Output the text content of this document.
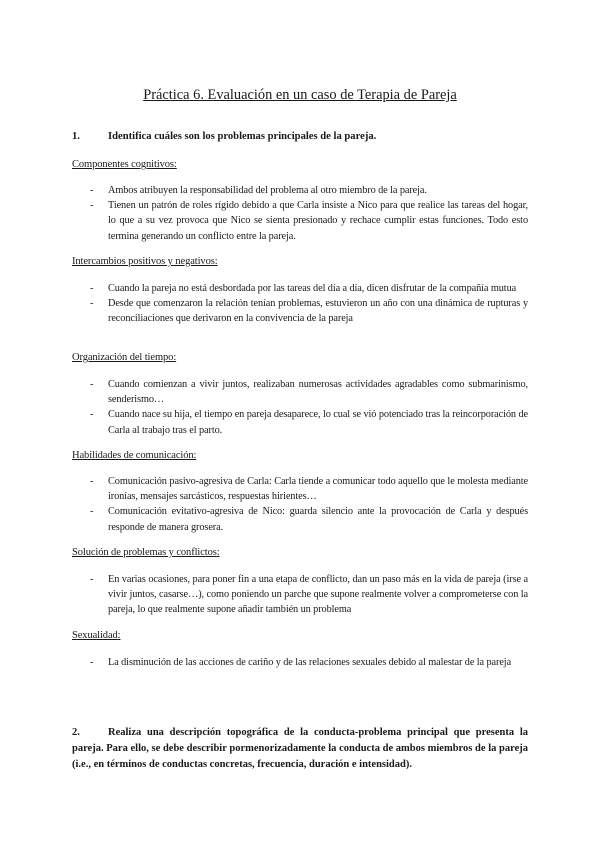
Práctica 6. Evaluación en un caso de Terapia de Pareja
1.	Identifica cuáles son los problemas principales de la pareja.
Componentes cognitivos:
- Ambos atribuyen la responsabilidad del problema al otro miembro de la pareja.
- Tienen un patrón de roles rígido debido a que Carla insiste a Nico para que realice las tareas del hogar, lo que a su vez provoca que Nico se sienta presionado y rechace cumplir estas funciones. Todo esto termina generando un conflicto entre la pareja.
Intercambios positivos y negativos:
- Cuando la pareja no está desbordada por las tareas del día a día, dicen disfrutar de la compañía mutua
- Desde que comenzaron la relación tenían problemas, estuvieron un año con una dinámica de rupturas y reconciliaciones que derivaron en la convivencia de la pareja
Organización del tiempo:
- Cuando comienzan a vivir juntos, realizaban numerosas actividades agradables como submarinismo, senderismo…
- Cuando nace su hija, el tiempo en pareja desaparece, lo cual se vió potenciado tras la reincorporación de Carla al trabajo tras el parto.
Habilidades de comunicación:
- Comunicación pasivo-agresiva de Carla: Carla tiende a comunicar todo aquello que le molesta mediante ironías, mensajes sarcásticos, respuestas hirientes…
- Comunicación evitativo-agresiva de Nico: guarda silencio ante la provocación de Carla y después responde de manera grosera.
Solución de problemas y conflictos:
- En varias ocasiones, para poner fin a una etapa de conflicto, dan un paso más en la vida de pareja (irse a vivir juntos, casarse…), como poniendo un parche que supone realmente volver a comprometerse con la pareja, lo que realmente supone añadir también un problema
Sexualidad:
- La disminución de las acciones de cariño y de las relaciones sexuales debido al malestar de la pareja
2.	Realiza una descripción topográfica de la conducta-problema principal que presenta la pareja. Para ello, se debe describir pormenorizadamente la conducta de ambos miembros de la pareja (i.e., en términos de conductas concretas, frecuencia, duración e intensidad).
